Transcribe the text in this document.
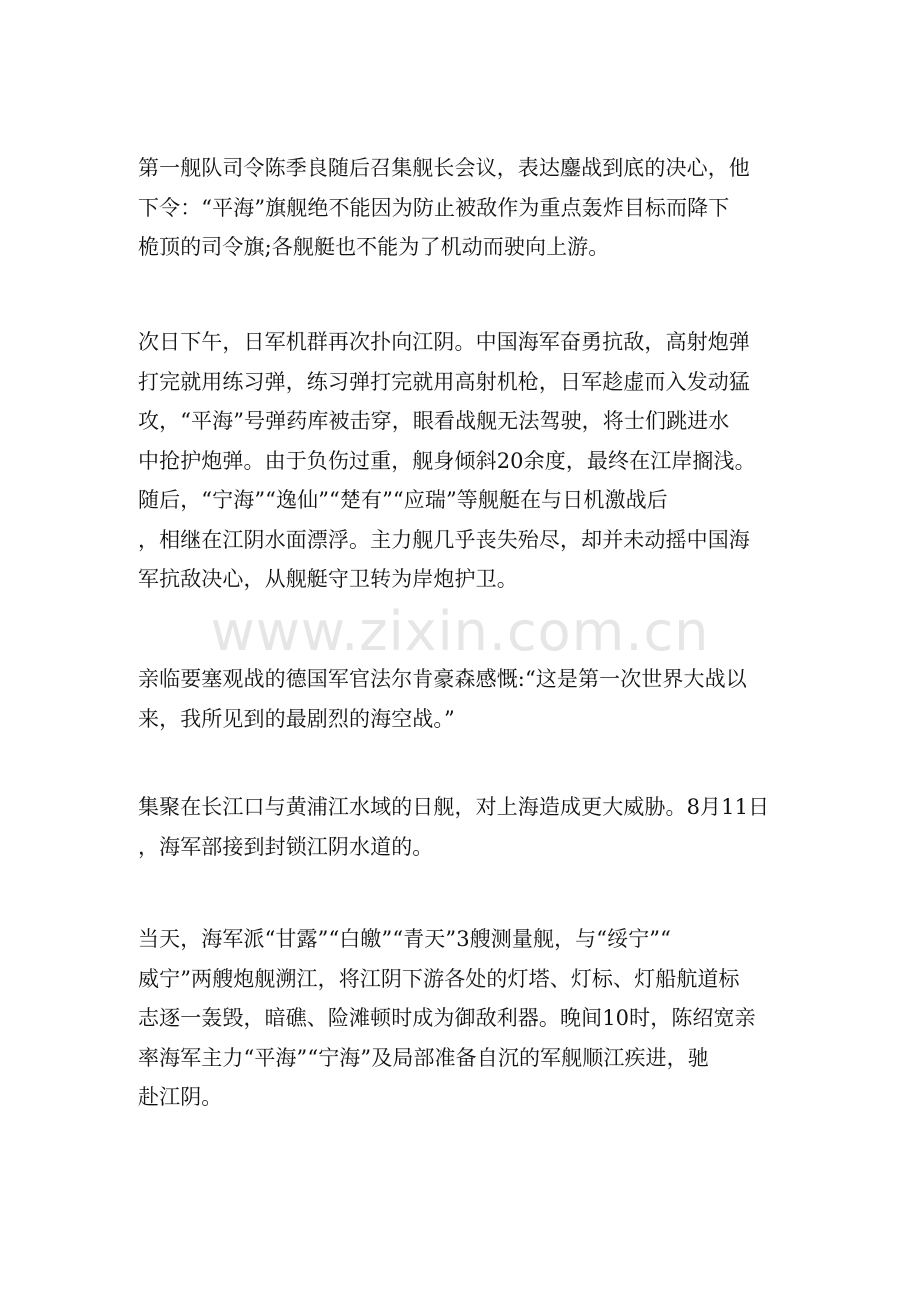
www.zixin.com.cn

第一舰队司令陈季良随后召集舰长会议，表达鏖战到底的决心，他
下令：“平海”旗舰绝不能因为防止被敌作为重点轰炸目标而降下
桅顶的司令旗;各舰艇也不能为了机动而驶向上游。

次日下午，日军机群再次扑向江阴。中国海军奋勇抗敌，高射炮弹
打完就用练习弹，练习弹打完就用高射机枪，日军趁虚而入发动猛
攻，“平海”号弹药库被击穿，眼看战舰无法驾驶，将士们跳进水
中抢护炮弹。由于负伤过重，舰身倾斜20余度，最终在江岸搁浅。
随后，“宁海”“逸仙”“楚有”“应瑞”等舰艇在与日机激战后
，相继在江阴水面漂浮。主力舰几乎丧失殆尽，却并未动摇中国海
军抗敌决心，从舰艇守卫转为岸炮护卫。

亲临要塞观战的德国军官法尔肯豪森感慨:“这是第一次世界大战以
来，我所见到的最剧烈的海空战。”

集聚在长江口与黄浦江水域的日舰，对上海造成更大威胁。8月11日
，海军部接到封锁江阴水道的。

当天，海军派“甘露”“白皦”“青天”3艘测量舰，与“绥宁”“
威宁”两艘炮舰溯江，将江阴下游各处的灯塔、灯标、灯船航道标
志逐一轰毁，暗礁、险滩顿时成为御敌利器。晚间10时，陈绍宽亲
率海军主力“平海”“宁海”及局部准备自沉的军舰顺江疾进，驰
赴江阴。
